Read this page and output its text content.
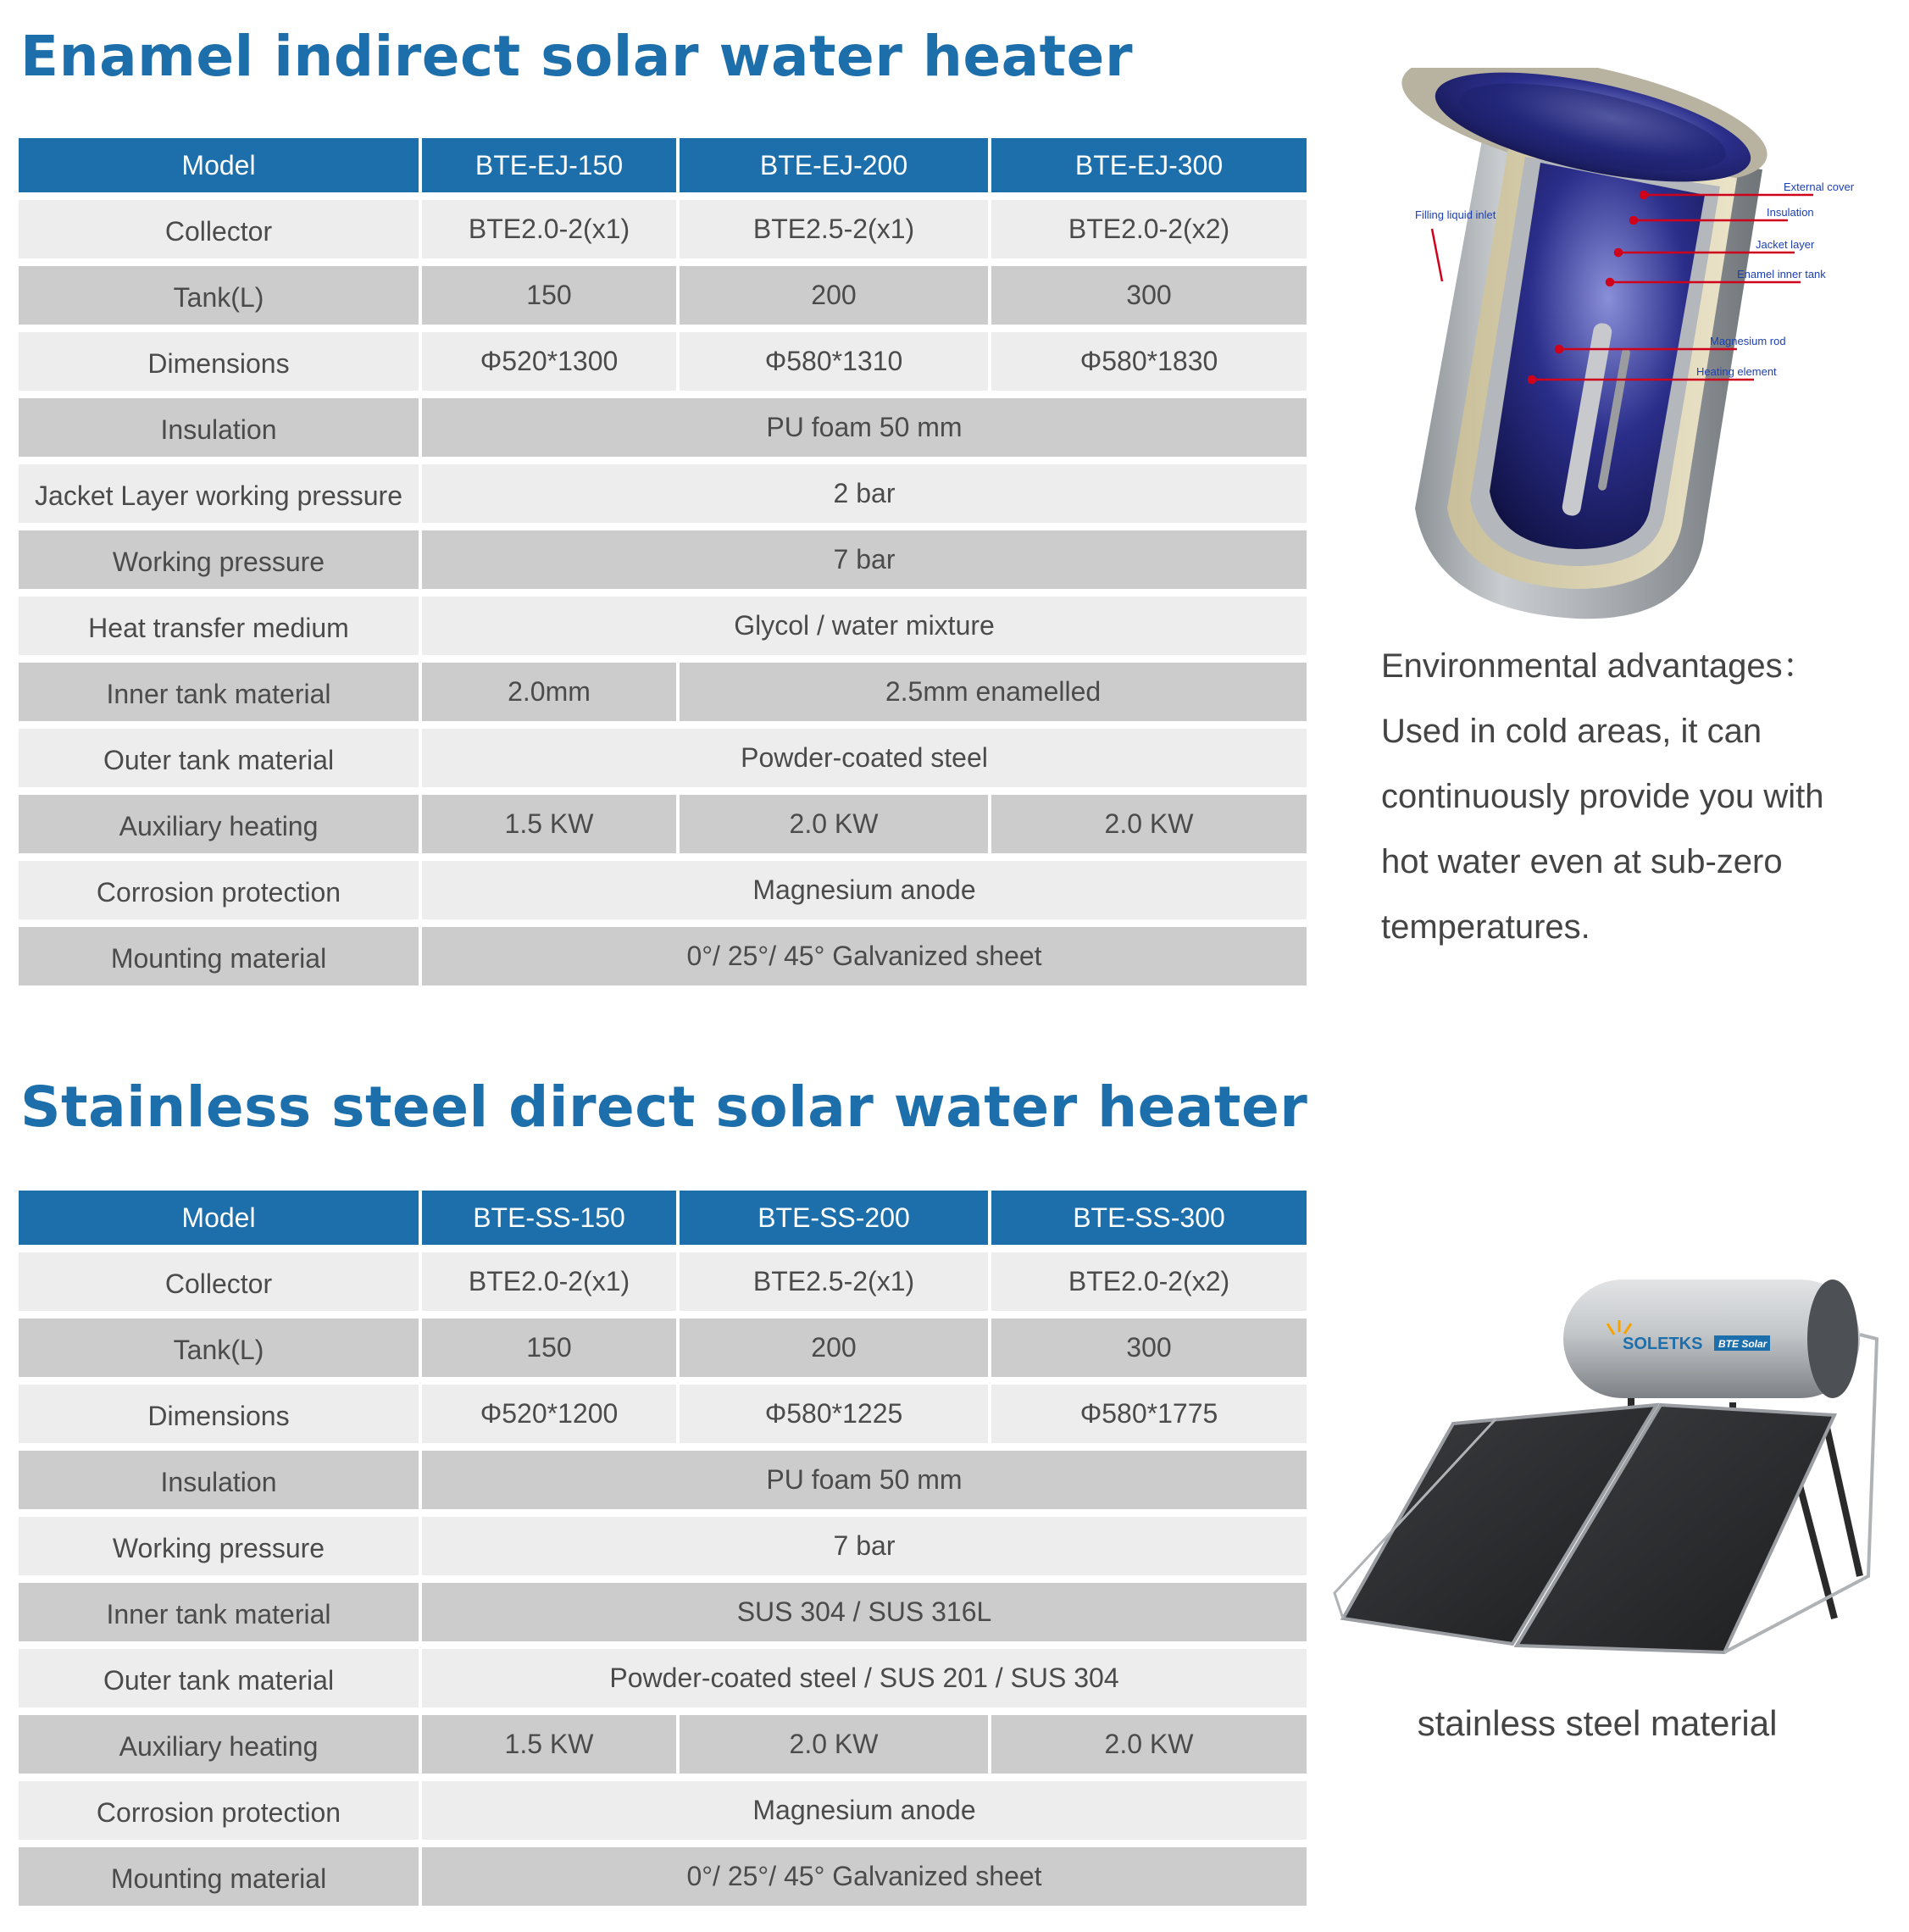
Enamel indirect solar water heater
Model	BTE-EJ-150	BTE-EJ-200	BTE-EJ-300
Collector	BTE2.0-2(x1)	BTE2.5-2(x1)	BTE2.0-2(x2)
Tank(L)	150	200	300
Dimensions	Φ520*1300	Φ580*1310	Φ580*1830
Insulation	PU foam 50 mm		
Jacket Layer working pressure	2 bar		
Working pressure	7 bar		
Heat transfer medium	Glycol / water mixture		
Inner tank material	2.0mm	2.5mm enamelled	
Outer tank material	Powder-coated steel		
Auxiliary heating	1.5 KW	2.0 KW	2.0 KW
Corrosion protection	Magnesium anode		
Mounting material	0°/ 25°/ 45° Galvanized sheet		
Filling liquid inlet
External cover
Insulation
Jacket layer
Enamel inner tank
Magnesium rod
Heating element
Environmental advantages：
Used in cold areas, it can
continuously provide you with
hot water even at sub-zero
temperatures.
Stainless steel direct solar water heater
Model	BTE-SS-150	BTE-SS-200	BTE-SS-300
Collector	BTE2.0-2(x1)	BTE2.5-2(x1)	BTE2.0-2(x2)
Tank(L)	150	200	300
Dimensions	Φ520*1200	Φ580*1225	Φ580*1775
Insulation	PU foam 50 mm		
Working pressure	7 bar		
Inner tank material	SUS 304 / SUS 316L		
Outer tank material	Powder-coated steel / SUS 201 / SUS 304		
Auxiliary heating	1.5 KW	2.0 KW	2.0 KW
Corrosion protection	Magnesium anode		
Mounting material	0°/ 25°/ 45° Galvanized sheet		
SOLETKS BTE Solar
stainless steel material
